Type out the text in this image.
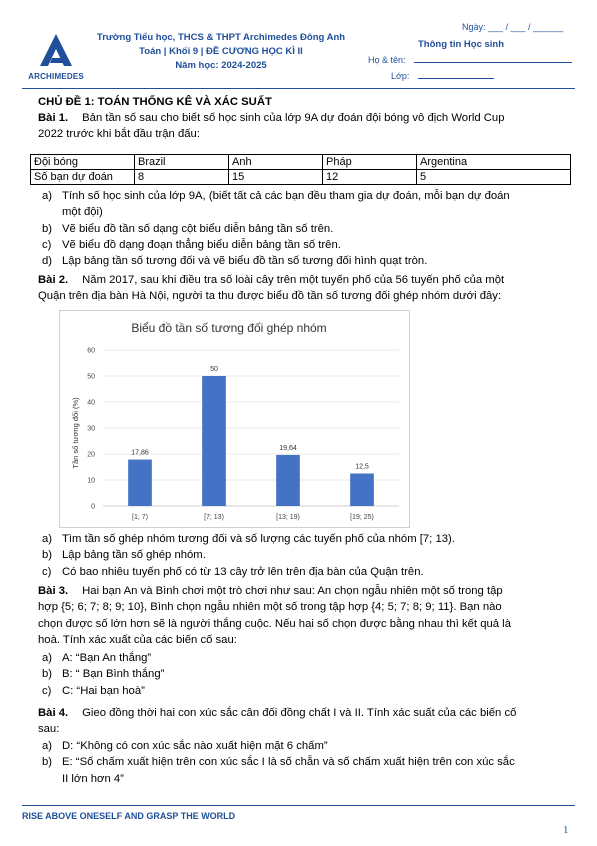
ARCHIMEDES
Trường Tiểu học, THCS & THPT Archimedes Đông Anh
Toán | Khối 9 | ĐỀ CƯƠNG HỌC KÌ II
Năm học: 2024-2025
Ngày: ___ / ___ / ______
Thông tin Học sinh
Họ & tên:
Lớp:
CHỦ ĐỀ 1: TOÁN THỐNG KÊ VÀ XÁC SUẤT
Bài 1. Bản tần số sau cho biết số học sinh của lớp 9A dự đoán đội bóng vô địch World Cup
2022 trước khi bắt đầu trận đấu:
Đội bóng	Brazil	Anh	Pháp	Argentina
Số bạn dự đoán	8	15	12	5
a) Tính số học sinh của lớp 9A, (biết tất cả các bạn đều tham gia dự đoán, mỗi bạn dự đoán
một đội)
b) Vẽ biểu đồ tần số dạng cột biểu diễn bảng tần số trên.
c) Vẽ biểu đồ dạng đoạn thẳng biểu diễn bảng tần số trên.
d) Lập bảng tần số tương đối và vẽ biểu đồ tần số tương đối hình quạt tròn.
Bài 2. Năm 2017, sau khi điều tra số loài cây trên một tuyến phố của 56 tuyến phố của một
Quận trên địa bàn Hà Nội, người ta thu được biểu đồ tần số tương đối ghép nhóm dưới đây:
Biểu đồ tần số tương đối ghép nhóm
Tần số tương đối (%)
0
10
20
30
40
50
60
17,86
50
19,64
12,5
[1; 7)	[7; 13)	[13; 19)	[19; 25)
a) Tìm tần số ghép nhóm tương đối và số lượng các tuyến phố của nhóm [7; 13).
b) Lập bảng tần số ghép nhóm.
c) Có bao nhiêu tuyến phố có từ 13 cây trở lên trên địa bàn của Quận trên.
Bài 3. Hai bạn An và Bình chơi một trò chơi như sau: An chọn ngẫu nhiên một số trong tập
hợp {5; 6; 7; 8; 9; 10}, Bình chọn ngẫu nhiên một số trong tập hợp {4; 5; 7; 8; 9; 11}. Bạn nào
chọn được số lớn hơn sẽ là người thắng cuộc. Nếu hai số chọn được bằng nhau thì kết quả là
hoà. Tính xác xuất của các biến cố sau:
a) A: “Bạn An thắng”
b) B: “ Bạn Bình thắng”
c) C: “Hai bạn hoà”
Bài 4. Gieo đồng thời hai con xúc sắc cân đối đồng chất I và II. Tính xác suất của các biến cố
sau:
a) D: “Không có con xúc sắc nào xuất hiện mặt 6 chấm”
b) E: “Số chấm xuất hiện trên con xúc sắc I là số chẵn và số chấm xuất hiện trên con xúc sắc
II lớn hơn 4”
RISE ABOVE ONESELF AND GRASP THE WORLD
1
